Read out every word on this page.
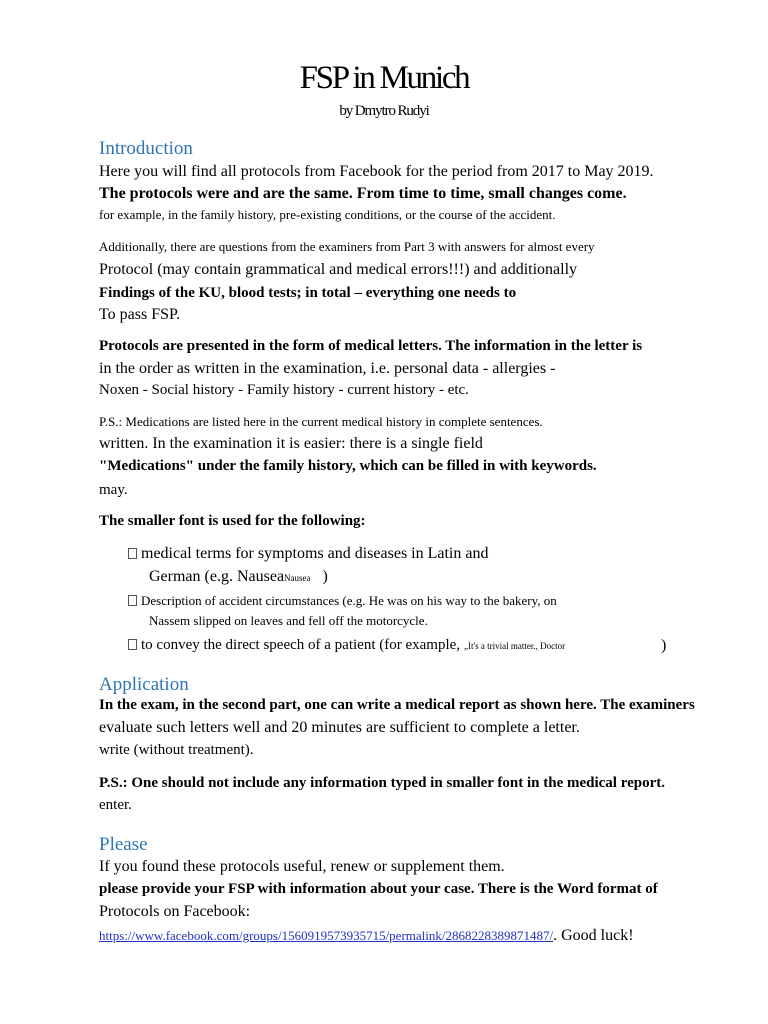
FSP in Munich
by Dmytro Rudyi
Introduction
Here you will find all protocols from Facebook for the period from 2017 to May 2019.
The protocols were and are the same. From time to time, small changes come.
for example, in the family history, pre-existing conditions, or the course of the accident.
Additionally, there are questions from the examiners from Part 3 with answers for almost every
Protocol (may contain grammatical and medical errors!!!) and additionally
Findings of the KU, blood tests; in total – everything one needs to
To pass FSP.
Protocols are presented in the form of medical letters. The information in the letter is
in the order as written in the examination, i.e. personal data - allergies -
Noxen - Social history - Family history - current history - etc.
P.S.: Medications are listed here in the current medical history in complete sentences.
written. In the examination it is easier: there is a single field
"Medications" under the family history, which can be filled in with keywords.
may.
The smaller font is used for the following:
medical terms for symptoms and diseases in Latin and
German (e.g. NauseaNausea )
Description of accident circumstances (e.g. He was on his way to the bakery, on
Nassem slipped on leaves and fell off the motorcycle.
to convey the direct speech of a patient (for example, „It's a trivial matter., Doctor	)
Application
In the exam, in the second part, one can write a medical report as shown here. The examiners
evaluate such letters well and 20 minutes are sufficient to complete a letter.
write (without treatment).
P.S.: One should not include any information typed in smaller font in the medical report.
enter.
Please
If you found these protocols useful, renew or supplement them.
please provide your FSP with information about your case. There is the Word format of
Protocols on Facebook:
https://www.facebook.com/groups/1560919573935715/permalink/2868228389871487/. Good luck!
